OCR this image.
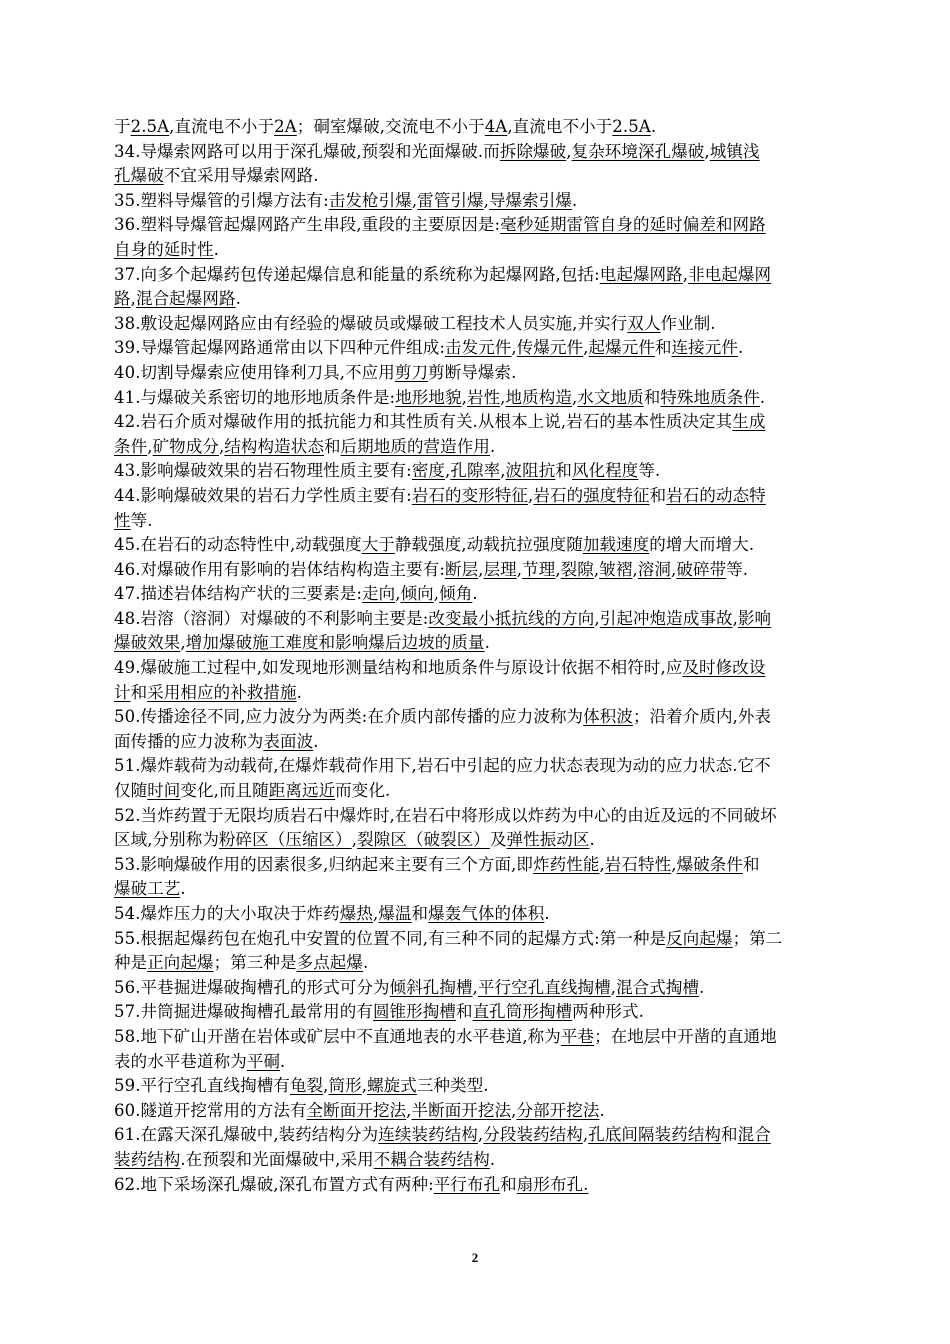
于2.5A,直流电不小于2A；硐室爆破,交流电不小于4A,直流电不小于2.5A.
34.导爆索网路可以用于深孔爆破,预裂和光面爆破.而拆除爆破,复杂环境深孔爆破,城镇浅
孔爆破不宜采用导爆索网路.
35.塑料导爆管的引爆方法有:击发枪引爆,雷管引爆,导爆索引爆.
36.塑料导爆管起爆网路产生串段,重段的主要原因是:毫秒延期雷管自身的延时偏差和网路
自身的延时性.
37.向多个起爆药包传递起爆信息和能量的系统称为起爆网路,包括:电起爆网路,非电起爆网
路,混合起爆网路.
38.敷设起爆网路应由有经验的爆破员或爆破工程技术人员实施,并实行双人作业制.
39.导爆管起爆网路通常由以下四种元件组成:击发元件,传爆元件,起爆元件和连接元件.
40.切割导爆索应使用锋利刀具,不应用剪刀剪断导爆索.
41.与爆破关系密切的地形地质条件是:地形地貌,岩性,地质构造,水文地质和特殊地质条件.
42.岩石介质对爆破作用的抵抗能力和其性质有关.从根本上说,岩石的基本性质决定其生成
条件,矿物成分,结构构造状态和后期地质的营造作用.
43.影响爆破效果的岩石物理性质主要有:密度,孔隙率,波阻抗和风化程度等.
44.影响爆破效果的岩石力学性质主要有:岩石的变形特征,岩石的强度特征和岩石的动态特
性等.
45.在岩石的动态特性中,动载强度大于静载强度,动载抗拉强度随加载速度的增大而增大.
46.对爆破作用有影响的岩体结构构造主要有:断层,层理,节理,裂隙,皱褶,溶洞,破碎带等.
47.描述岩体结构产状的三要素是:走向,倾向,倾角.
48.岩溶（溶洞）对爆破的不利影响主要是:改变最小抵抗线的方向,引起冲炮造成事故,影响
爆破效果,增加爆破施工难度和影响爆后边坡的质量.
49.爆破施工过程中,如发现地形测量结构和地质条件与原设计依据不相符时,应及时修改设
计和采用相应的补救措施.
50.传播途径不同,应力波分为两类:在介质内部传播的应力波称为体积波；沿着介质内,外表
面传播的应力波称为表面波.
51.爆炸载荷为动载荷,在爆炸载荷作用下,岩石中引起的应力状态表现为动的应力状态.它不
仅随时间变化,而且随距离远近而变化.
52.当炸药置于无限均质岩石中爆炸时,在岩石中将形成以炸药为中心的由近及远的不同破坏
区域,分别称为粉碎区（压缩区）,裂隙区（破裂区）及弹性振动区.
53.影响爆破作用的因素很多,归纳起来主要有三个方面,即炸药性能,岩石特性,爆破条件和
爆破工艺.
54.爆炸压力的大小取决于炸药爆热,爆温和爆轰气体的体积.
55.根据起爆药包在炮孔中安置的位置不同,有三种不同的起爆方式:第一种是反向起爆；第二
种是正向起爆；第三种是多点起爆.
56.平巷掘进爆破掏槽孔的形式可分为倾斜孔掏槽,平行空孔直线掏槽,混合式掏槽.
57.井筒掘进爆破掏槽孔最常用的有圆锥形掏槽和直孔筒形掏槽两种形式.
58.地下矿山开凿在岩体或矿层中不直通地表的水平巷道,称为平巷；在地层中开凿的直通地
表的水平巷道称为平硐.
59.平行空孔直线掏槽有龟裂,筒形,螺旋式三种类型.
60.隧道开挖常用的方法有全断面开挖法,半断面开挖法,分部开挖法.
61.在露天深孔爆破中,装药结构分为连续装药结构,分段装药结构,孔底间隔装药结构和混合
装药结构.在预裂和光面爆破中,采用不耦合装药结构.
62.地下采场深孔爆破,深孔布置方式有两种:平行布孔和扇形布孔.
2
